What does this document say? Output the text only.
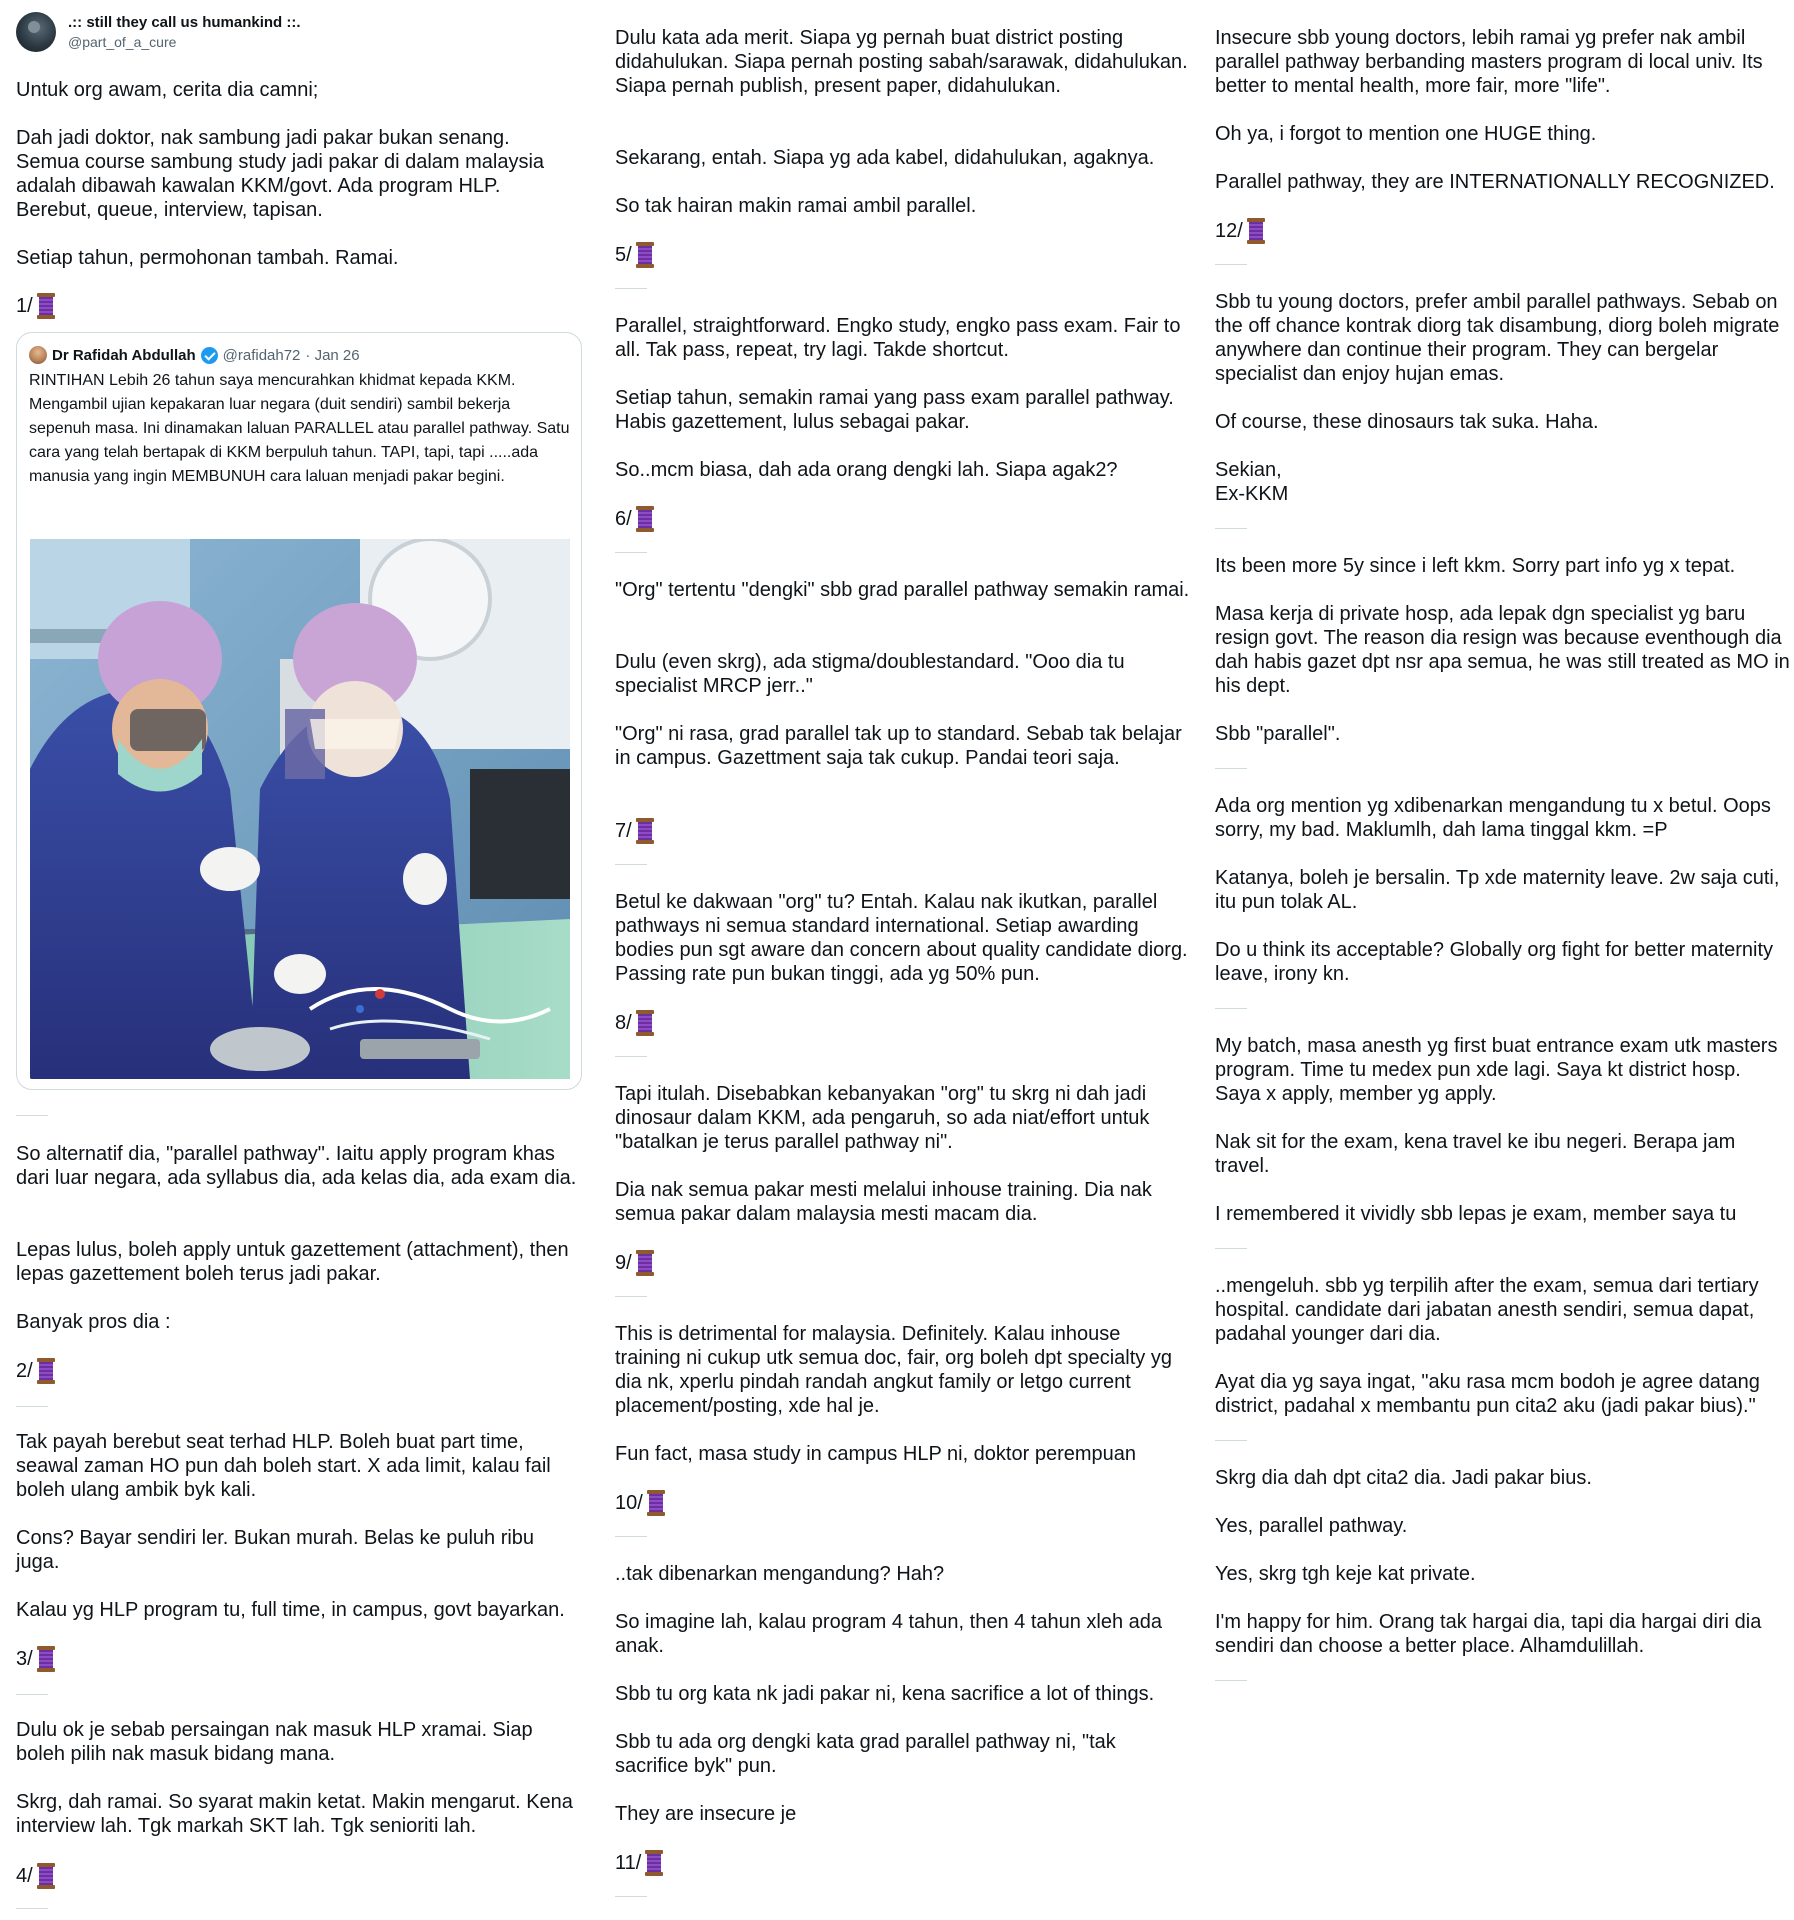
.:: still they call us humankind ::.
@part_of_a_cure
Untuk org awam, cerita dia camni;
Dah jadi doktor, nak sambung jadi pakar bukan senang. Semua course sambung study jadi pakar di dalam malaysia adalah dibawah kawalan KKM/govt. Ada program HLP. Berebut, queue, interview, tapisan.
Setiap tahun, permohonan tambah. Ramai.
1/
Dr Rafidah Abdullah @rafidah72 · Jan 26
RINTIHAN Lebih 26 tahun saya mencurahkan khidmat kepada KKM. Mengambil ujian kepakaran luar negara (duit sendiri) sambil bekerja sepenuh masa. Ini dinamakan laluan PARALLEL atau parallel pathway. Satu cara yang telah bertapak di KKM berpuluh tahun. TAPI, tapi, tapi .....ada manusia yang ingin MEMBUNUH cara laluan menjadi pakar begini.
So alternatif dia, "parallel pathway". Iaitu apply program khas dari luar negara, ada syllabus dia, ada kelas dia, ada exam dia.
Lepas lulus, boleh apply untuk gazettement (attachment), then lepas gazettement boleh terus jadi pakar.
Banyak pros dia :
2/
Tak payah berebut seat terhad HLP. Boleh buat part time, seawal zaman HO pun dah boleh start. X ada limit, kalau fail boleh ulang ambik byk kali.
Cons? Bayar sendiri ler. Bukan murah. Belas ke puluh ribu juga.
Kalau yg HLP program tu, full time, in campus, govt bayarkan.
3/
Dulu ok je sebab persaingan nak masuk HLP xramai. Siap boleh pilih nak masuk bidang mana.
Skrg, dah ramai. So syarat makin ketat. Makin mengarut. Kena interview lah. Tgk markah SKT lah. Tgk senioriti lah.
4/
Dulu kata ada merit. Siapa yg pernah buat district posting didahulukan. Siapa pernah posting sabah/sarawak, didahulukan. Siapa pernah publish, present paper, didahulukan.
Sekarang, entah. Siapa yg ada kabel, didahulukan, agaknya.
So tak hairan makin ramai ambil parallel.
5/
Parallel, straightforward. Engko study, engko pass exam. Fair to all. Tak pass, repeat, try lagi. Takde shortcut.
Setiap tahun, semakin ramai yang pass exam parallel pathway. Habis gazettement, lulus sebagai pakar.
So..mcm biasa, dah ada orang dengki lah. Siapa agak2?
6/
"Org" tertentu "dengki" sbb grad parallel pathway semakin ramai.
Dulu (even skrg), ada stigma/doublestandard. "Ooo dia tu specialist MRCP jerr.."
"Org" ni rasa, grad parallel tak up to standard. Sebab tak belajar in campus. Gazettment saja tak cukup. Pandai teori saja.
7/
Betul ke dakwaan "org" tu? Entah. Kalau nak ikutkan, parallel pathways ni semua standard international. Setiap awarding bodies pun sgt aware dan concern about quality candidate diorg. Passing rate pun bukan tinggi, ada yg 50% pun.
8/
Tapi itulah. Disebabkan kebanyakan "org" tu skrg ni dah jadi dinosaur dalam KKM, ada pengaruh, so ada niat/effort untuk "batalkan je terus parallel pathway ni".
Dia nak semua pakar mesti melalui inhouse training. Dia nak semua pakar dalam malaysia mesti macam dia.
9/
This is detrimental for malaysia. Definitely. Kalau inhouse training ni cukup utk semua doc, fair, org boleh dpt specialty yg dia nk, xperlu pindah randah angkut family or letgo current placement/posting, xde hal je.
Fun fact, masa study in campus HLP ni, doktor perempuan
10/
..tak dibenarkan mengandung? Hah?
So imagine lah, kalau program 4 tahun, then 4 tahun xleh ada anak.
Sbb tu org kata nk jadi pakar ni, kena sacrifice a lot of things.
Sbb tu ada org dengki kata grad parallel pathway ni, "tak sacrifice byk" pun.
They are insecure je
11/
Insecure sbb young doctors, lebih ramai yg prefer nak ambil parallel pathway berbanding masters program di local univ. Its better to mental health, more fair, more "life".
Oh ya, i forgot to mention one HUGE thing.
Parallel pathway, they are INTERNATIONALLY RECOGNIZED.
12/
Sbb tu young doctors, prefer ambil parallel pathways. Sebab on the off chance kontrak diorg tak disambung, diorg boleh migrate anywhere dan continue their program. They can bergelar specialist dan enjoy hujan emas.
Of course, these dinosaurs tak suka. Haha.
Sekian,
Ex-KKM
Its been more 5y since i left kkm. Sorry part info yg x tepat.
Masa kerja di private hosp, ada lepak dgn specialist yg baru resign govt. The reason dia resign was because eventhough dia dah habis gazet dpt nsr apa semua, he was still treated as MO in his dept.
Sbb "parallel".
Ada org mention yg xdibenarkan mengandung tu x betul. Oops sorry, my bad. Maklumlh, dah lama tinggal kkm. =P
Katanya, boleh je bersalin. Tp xde maternity leave. 2w saja cuti, itu pun tolak AL.
Do u think its acceptable? Globally org fight for better maternity leave, irony kn.
My batch, masa anesth yg first buat entrance exam utk masters program. Time tu medex pun xde lagi. Saya kt district hosp. Saya x apply, member yg apply.
Nak sit for the exam, kena travel ke ibu negeri. Berapa jam travel.
I remembered it vividly sbb lepas je exam, member saya tu
..mengeluh. sbb yg terpilih after the exam, semua dari tertiary hospital. candidate dari jabatan anesth sendiri, semua dapat, padahal younger dari dia.
Ayat dia yg saya ingat, "aku rasa mcm bodoh je agree datang district, padahal x membantu pun cita2 aku (jadi pakar bius)."
Skrg dia dah dpt cita2 dia. Jadi pakar bius.
Yes, parallel pathway.
Yes, skrg tgh keje kat private.
I'm happy for him. Orang tak hargai dia, tapi dia hargai diri dia sendiri dan choose a better place. Alhamdulillah.
